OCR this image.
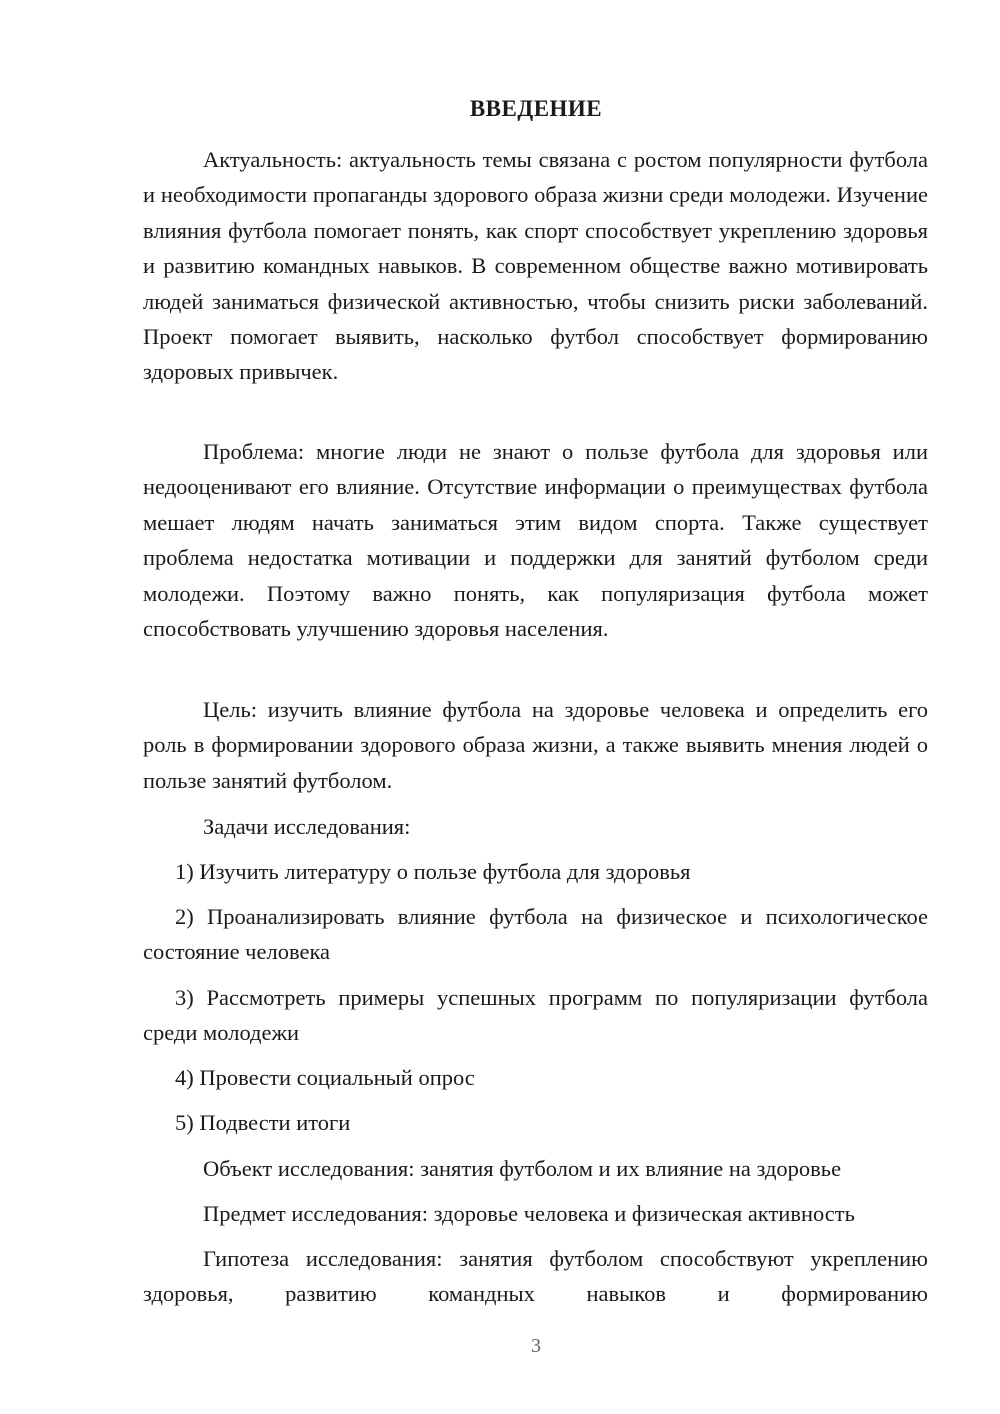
ВВЕДЕНИЕ

Актуальность: актуальность темы связана с ростом популярности футбола и необходимости пропаганды здорового образа жизни среди молодежи. Изучение влияния футбола помогает понять, как спорт способствует укреплению здоровья и развитию командных навыков. В современном обществе важно мотивировать людей заниматься физической активностью, чтобы снизить риски заболеваний. Проект помогает выявить, насколько футбол способствует формированию здоровых привычек.

Проблема: многие люди не знают о пользе футбола для здоровья или недооценивают его влияние. Отсутствие информации о преимуществах футбола мешает людям начать заниматься этим видом спорта. Также существует проблема недостатка мотивации и поддержки для занятий футболом среди молодежи. Поэтому важно понять, как популяризация футбола может способствовать улучшению здоровья населения.

Цель: изучить влияние футбола на здоровье человека и определить его роль в формировании здорового образа жизни, а также выявить мнения людей о пользе занятий футболом.

Задачи исследования:
1) Изучить литературу о пользе футбола для здоровья

2) Проанализировать влияние футбола на физическое и психологическое состояние человека

3) Рассмотреть примеры успешных программ по популяризации футбола среди молодежи

4) Провести социальный опрос
5) Подвести итоги
Объект исследования: занятия футболом и их влияние на здоровье
Предмет исследования: здоровье человека и физическая активность

Гипотеза исследования: занятия футболом способствуют укреплению здоровья, развитию командных навыков и формированию

3
